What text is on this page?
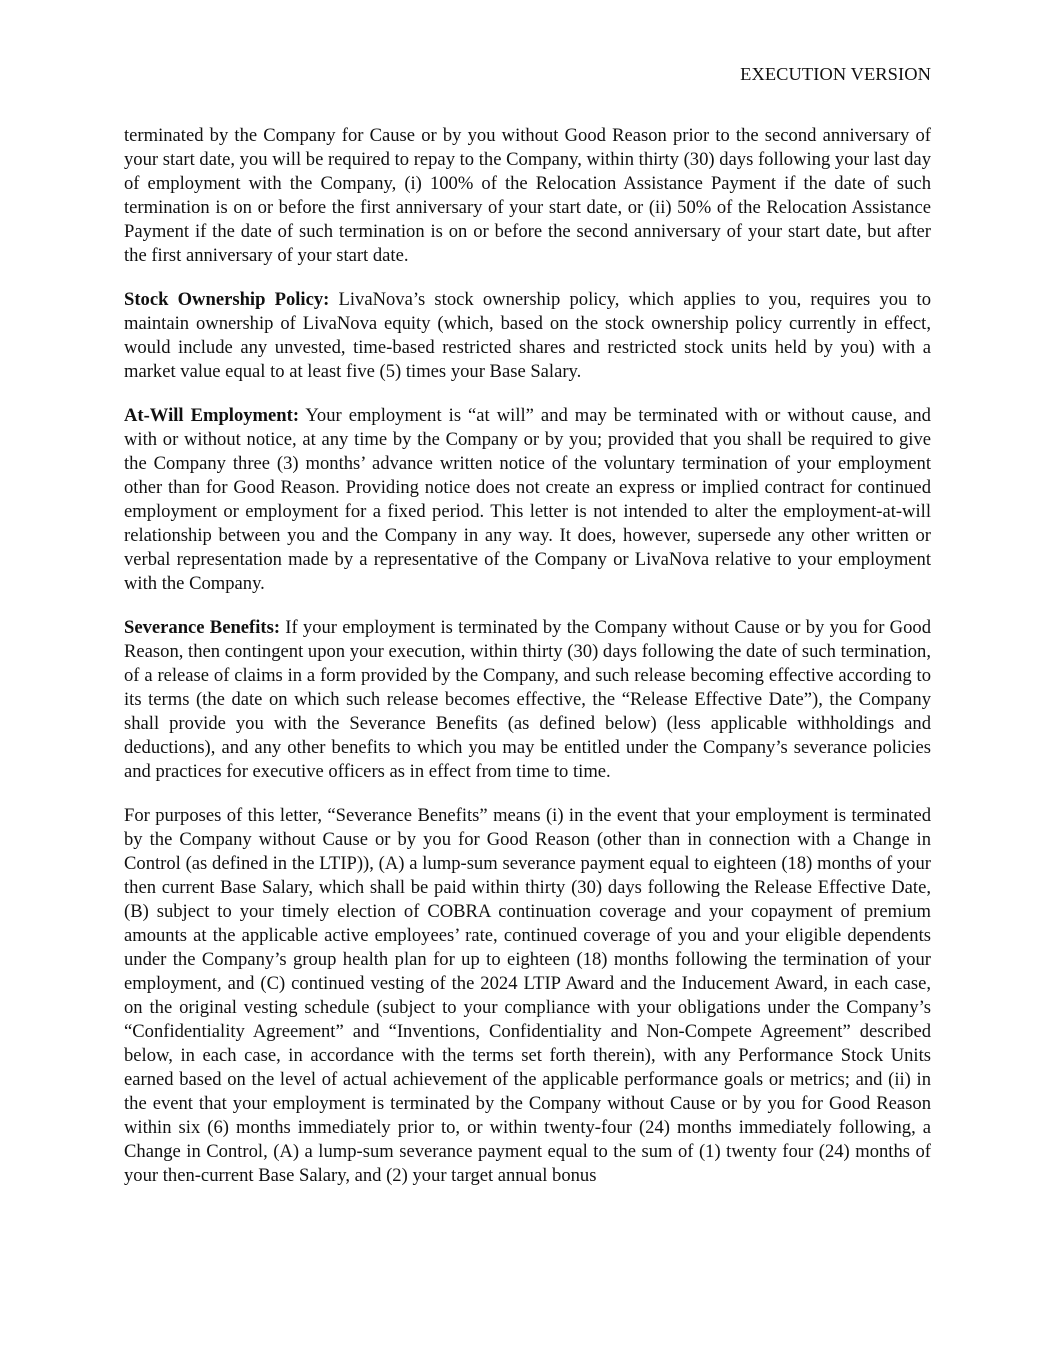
EXECUTION VERSION

terminated by the Company for Cause or by you without Good Reason prior to the second anniversary of your start date, you will be required to repay to the Company, within thirty (30) days following your last day of employment with the Company, (i) 100% of the Relocation Assistance Payment if the date of such termination is on or before the first anniversary of your start date, or (ii) 50% of the Relocation Assistance Payment if the date of such termination is on or before the second anniversary of your start date, but after the first anniversary of your start date.

Stock Ownership Policy: LivaNova’s stock ownership policy, which applies to you, requires you to maintain ownership of LivaNova equity (which, based on the stock ownership policy currently in effect, would include any unvested, time-based restricted shares and restricted stock units held by you) with a market value equal to at least five (5) times your Base Salary.

At-Will Employment: Your employment is “at will” and may be terminated with or without cause, and with or without notice, at any time by the Company or by you; provided that you shall be required to give the Company three (3) months’ advance written notice of the voluntary termination of your employment other than for Good Reason. Providing notice does not create an express or implied contract for continued employment or employment for a fixed period. This letter is not intended to alter the employment-at-will relationship between you and the Company in any way. It does, however, supersede any other written or verbal representation made by a representative of the Company or LivaNova relative to your employment with the Company.

Severance Benefits: If your employment is terminated by the Company without Cause or by you for Good Reason, then contingent upon your execution, within thirty (30) days following the date of such termination, of a release of claims in a form provided by the Company, and such release becoming effective according to its terms (the date on which such release becomes effective, the “Release Effective Date”), the Company shall provide you with the Severance Benefits (as defined below) (less applicable withholdings and deductions), and any other benefits to which you may be entitled under the Company’s severance policies and practices for executive officers as in effect from time to time.

For purposes of this letter, “Severance Benefits” means (i) in the event that your employment is terminated by the Company without Cause or by you for Good Reason (other than in connection with a Change in Control (as defined in the LTIP)), (A) a lump-sum severance payment equal to eighteen (18) months of your then current Base Salary, which shall be paid within thirty (30) days following the Release Effective Date, (B) subject to your timely election of COBRA continuation coverage and your copayment of premium amounts at the applicable active employees’ rate, continued coverage of you and your eligible dependents under the Company’s group health plan for up to eighteen (18) months following the termination of your employment, and (C) continued vesting of the 2024 LTIP Award and the Inducement Award, in each case, on the original vesting schedule (subject to your compliance with your obligations under the Company’s “Confidentiality Agreement” and “Inventions, Confidentiality and Non-Compete Agreement” described below, in each case, in accordance with the terms set forth therein), with any Performance Stock Units earned based on the level of actual achievement of the applicable performance goals or metrics; and (ii) in the event that your employment is terminated by the Company without Cause or by you for Good Reason within six (6) months immediately prior to, or within twenty-four (24) months immediately following, a Change in Control, (A) a lump-sum severance payment equal to the sum of (1) twenty four (24) months of your then-current Base Salary, and (2) your target annual bonus
